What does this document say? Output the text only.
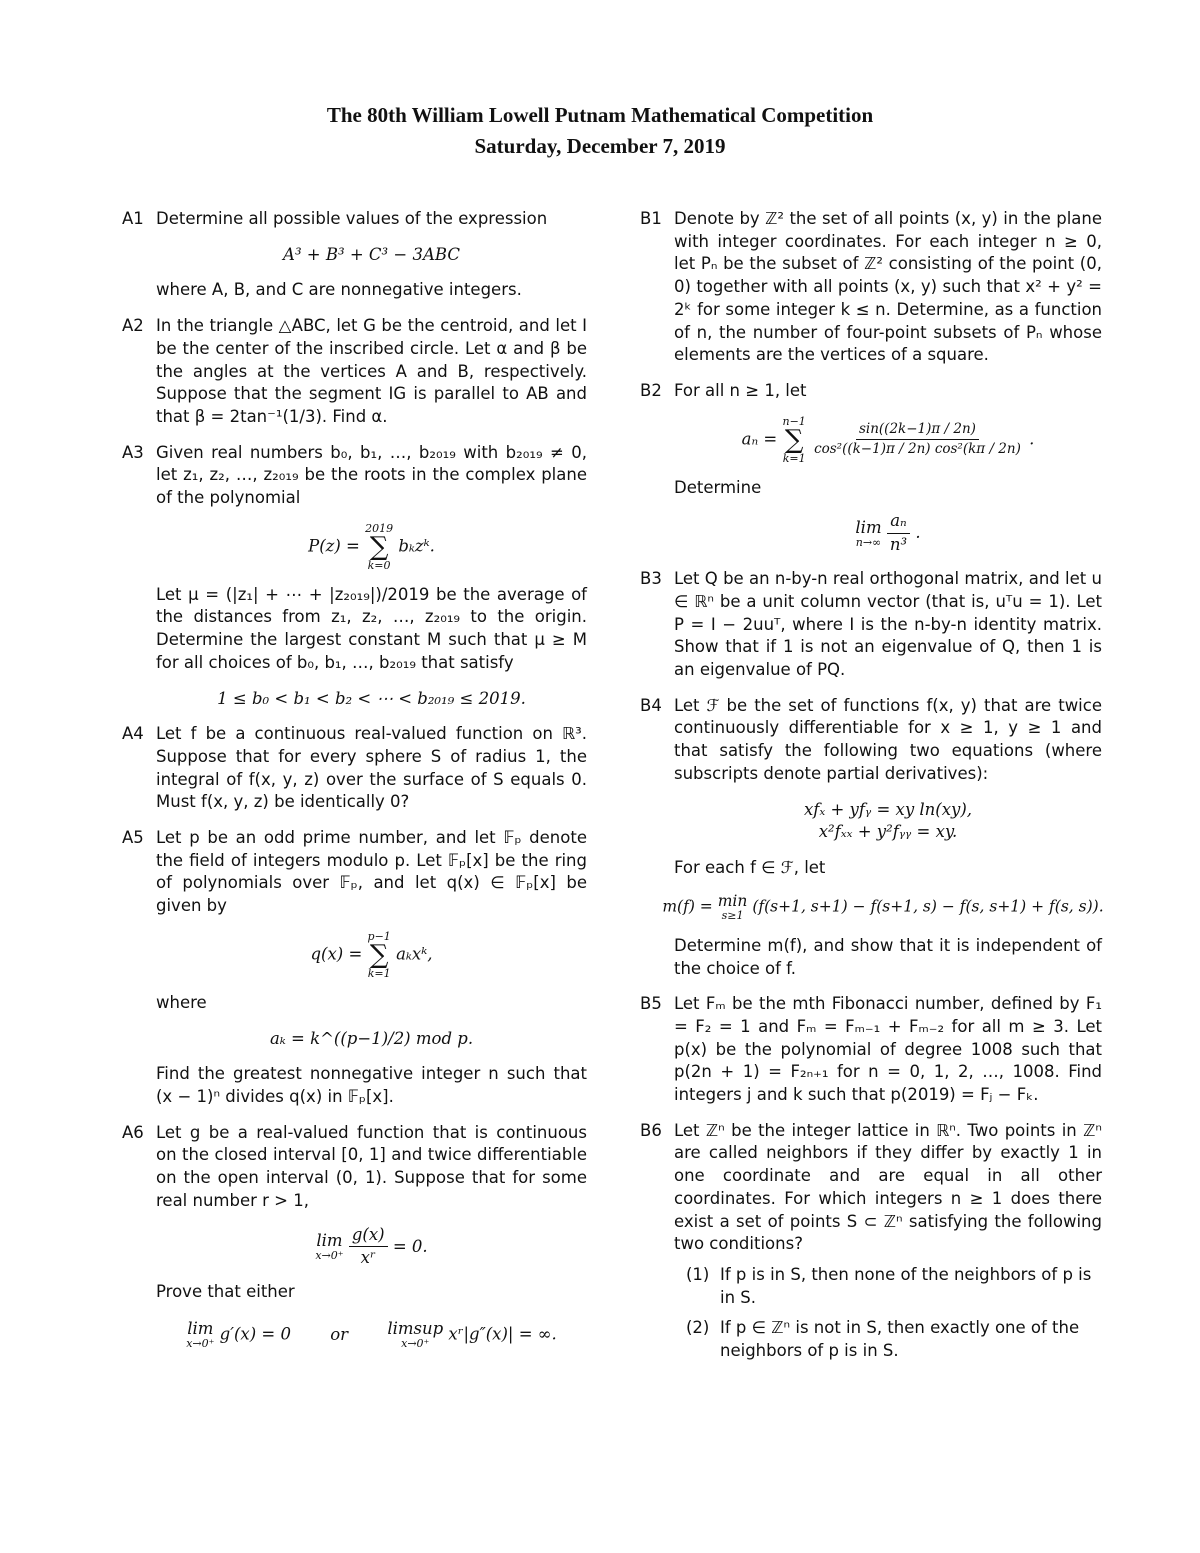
The 80th William Lowell Putnam Mathematical Competition
Saturday, December 7, 2019
A1 Determine all possible values of the expression

A³ + B³ + C³ − 3ABC

where A, B, and C are nonnegative integers.

A2 In the triangle △ABC, let G be the centroid, and let I be the center of the inscribed circle. Let α and β be the angles at the vertices A and B, respectively. Suppose that the segment IG is parallel to AB and that β = 2tan⁻¹(1/3). Find α.

A3 Given real numbers b₀, b₁, …, b₂₀₁₉ with b₂₀₁₉ ≠ 0, let z₁, z₂, …, z₂₀₁₉ be the roots in the complex plane of the polynomial

P(z) =
2019
∑
k=0
bₖzᵏ.

Let μ = (|z₁| + ⋯ + |z₂₀₁₉|)/2019 be the average of the distances from z₁, z₂, …, z₂₀₁₉ to the origin. Determine the largest constant M such that μ ≥ M for all choices of b₀, b₁, …, b₂₀₁₉ that satisfy

1 ≤ b₀ < b₁ < b₂ < ⋯ < b₂₀₁₉ ≤ 2019.
A4 Let f be a continuous real-valued function on ℝ³. Suppose that for every sphere S of radius 1, the integral of f(x, y, z) over the surface of S equals 0. Must f(x, y, z) be identically 0?

A5 Let p be an odd prime number, and let 𝔽ₚ denote the field of integers modulo p. Let 𝔽ₚ[x] be the ring of polynomials over 𝔽ₚ, and let q(x) ∈ 𝔽ₚ[x] be given by

q(x) =
p−1
∑
k=1
aₖxᵏ,

where

aₖ = k^((p−1)/2) mod p.

Find the greatest nonnegative integer n such that (x − 1)ⁿ divides q(x) in 𝔽ₚ[x].

A6 Let g be a real-valued function that is continuous on the closed interval [0, 1] and twice differentiable on the open interval (0, 1). Suppose that for some real number r > 1,

lim
x→0⁺
$\frac{g(x)}{\text{xʳ}} = 0$.

Prove that either

lim
x→0⁺
g′(x) = 0 or limsup
x→0⁺
xʳ|g″(x)| = ∞.
B1 Denote by ℤ² the set of all points (x, y) in the plane with integer coordinates. For each integer n ≥ 0, let Pₙ be the subset of ℤ² consisting of the point (0, 0) together with all points (x, y) such that x² + y² = 2ᵏ for some integer k ≤ n. Determine, as a function of n, the number of four-point subsets of Pₙ whose elements are the vertices of a square.

B2 For all n ≥ 1, let

aₙ =
n−1
∑
k=1

$\frac{\sin((2k-1)\pi / 2n)}{\text{cos²((k−1)π / 2n) cos²(kπ / 2n)}}$ .

Determine

lim
n→∞
$\frac{\text{aₙ}}{\text{n³}}$ .
B3 Let Q be an n-by-n real orthogonal matrix, and let u ∈ ℝⁿ be a unit column vector (that is, uᵀu = 1). Let P = I − 2uuᵀ, where I is the n-by-n identity matrix. Show that if 1 is not an eigenvalue of Q, then 1 is an eigenvalue of PQ.

B4 Let ℱ be the set of functions f(x, y) that are twice continuously differentiable for x ≥ 1, y ≥ 1 and that satisfy the following two equations (where subscripts denote partial derivatives):

xfₓ + yfᵧ = xy ln(xy),
x²fₓₓ + y²fᵧᵧ = xy.

For each f ∈ ℱ, let

m(f) = min
s≥1 (f(s+1, s+1) − f(s+1, s) − f(s, s+1) + f(s, s)).

Determine m(f), and show that it is independent of the choice of f.

B5 Let Fₘ be the mth Fibonacci number, defined by F₁ = F₂ = 1 and Fₘ = Fₘ₋₁ + Fₘ₋₂ for all m ≥ 3. Let p(x) be the polynomial of degree 1008 such that p(2n + 1) = F₂ₙ₊₁ for n = 0, 1, 2, …, 1008. Find integers j and k such that p(2019) = Fⱼ − Fₖ.

B6 Let ℤⁿ be the integer lattice in ℝⁿ. Two points in ℤⁿ are called neighbors if they differ by exactly 1 in one coordinate and are equal in all other coordinates. For which integers n ≥ 1 does there exist a set of points S ⊂ ℤⁿ satisfying the following two conditions?

(1) If p is in S, then none of the neighbors of p is in S.
(2) If p ∈ ℤⁿ is not in S, then exactly one of the neighbors of p is in S.
